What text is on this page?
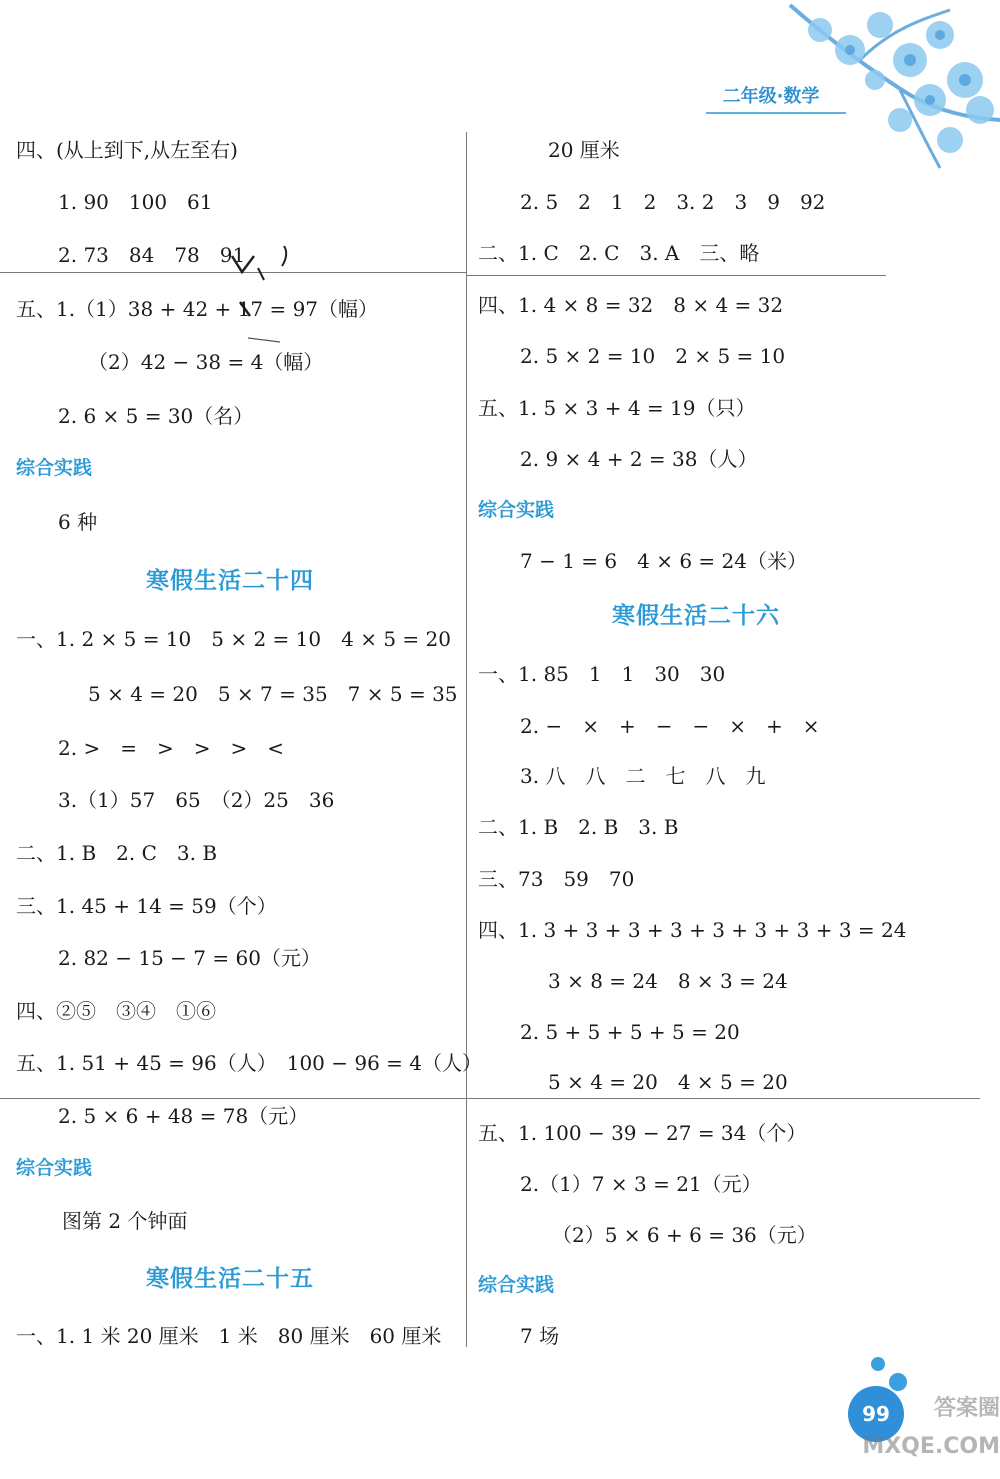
二年级·数学
四、(从上到下,从左至右)
1. 90　100　61
2. 73　84　78　91
五、1.（1）38 + 42 + 17 = 97（幅）
（2）42 − 38 = 4（幅）
2. 6 × 5 = 30（名）
综合实践
6 种
寒假生活二十四
一、1. 2 × 5 = 10　5 × 2 = 10　4 × 5 = 20
5 × 4 = 20　5 × 7 = 35　7 × 5 = 35
2. >　=　>　>　>　<
3.（1）57　65　（2）25　36
二、1. B　2. C　3. B
三、1. 45 + 14 = 59（个）
2. 82 − 15 − 7 = 60（元）
四、②⑤　③④　①⑥
五、1. 51 + 45 = 96（人）　100 − 96 = 4（人）
2. 5 × 6 + 48 = 78（元）
综合实践
图第 2 个钟面
寒假生活二十五
一、1. 1 米 20 厘米　1 米　80 厘米　60 厘米
20 厘米
2. 5　2　1　2　3. 2　3　9　92
二、1. C　2. C　3. A　三、略
四、1. 4 × 8 = 32　8 × 4 = 32
2. 5 × 2 = 10　2 × 5 = 10
五、1. 5 × 3 + 4 = 19（只）
2. 9 × 4 + 2 = 38（人）
综合实践
7 − 1 = 6　4 × 6 = 24（米）
寒假生活二十六
一、1. 85　1　1　30　30
2. −　×　+　−　−　×　+　×
3. 八　八　二　七　八　九
二、1. B　2. B　3. B
三、73　59　70
四、1. 3 + 3 + 3 + 3 + 3 + 3 + 3 + 3 = 24
3 × 8 = 24　8 × 3 = 24
2. 5 + 5 + 5 + 5 = 20
5 × 4 = 20　4 × 5 = 20
五、1. 100 − 39 − 27 = 34（个）
2.（1）7 × 3 = 21（元）
（2）5 × 6 + 6 = 36（元）
综合实践
7 场
99	答案圈 MXQE.COM
